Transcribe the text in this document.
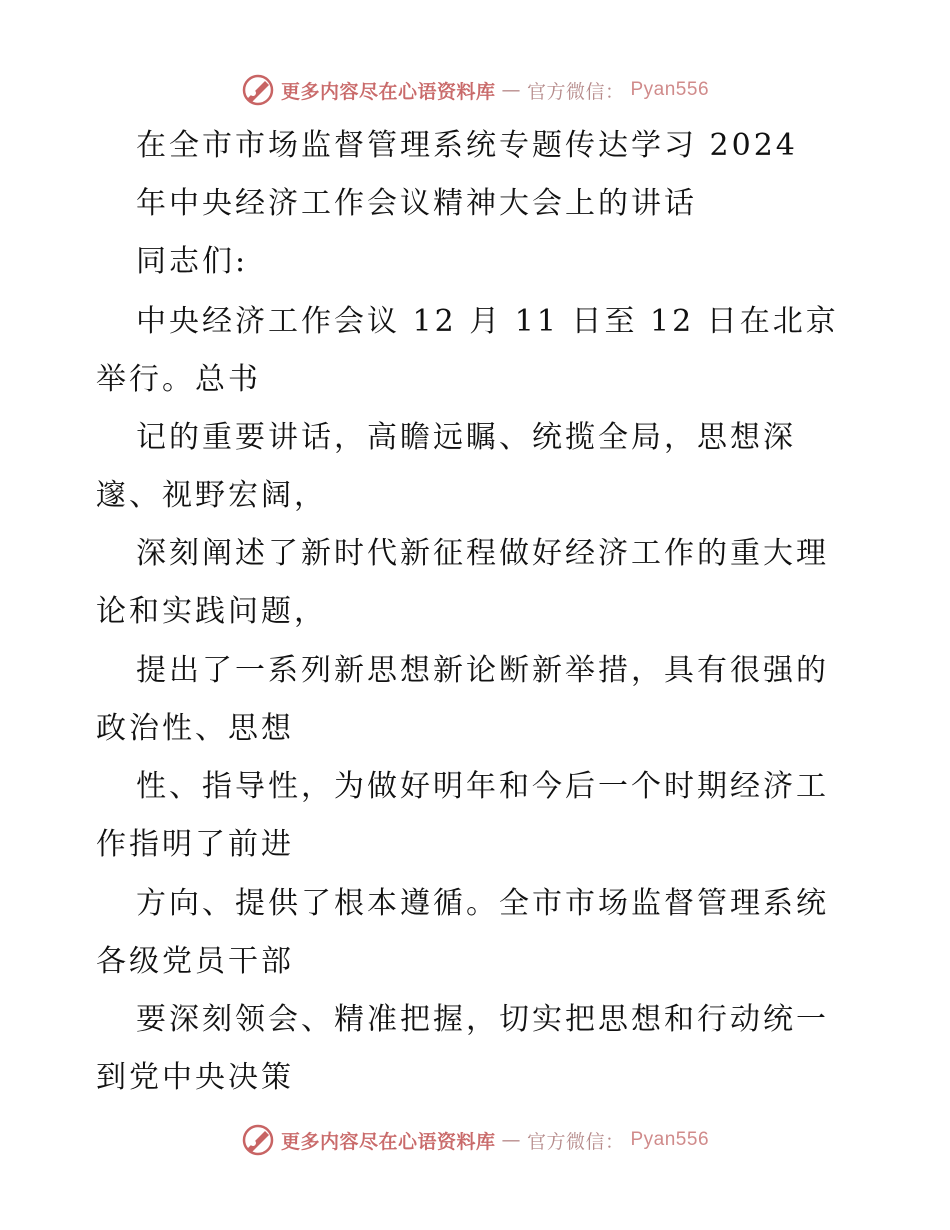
更多内容尽在心语资料库 — 官方微信： Pyan556
在全市市场监督管理系统专题传达学习 2024
年中央经济工作会议精神大会上的讲话
同志们:
中央经济工作会议 12 月 11 日至 12 日在北京
举行。总书
记的重要讲话，高瞻远瞩、统揽全局，思想深
邃、视野宏阔，
深刻阐述了新时代新征程做好经济工作的重大理
论和实践问题，
提出了一系列新思想新论断新举措，具有很强的
政治性、思想
性、指导性，为做好明年和今后一个时期经济工
作指明了前进
方向、提供了根本遵循。全市市场监督管理系统
各级党员干部
要深刻领会、精准把握，切实把思想和行动统一
到党中央决策
更多内容尽在心语资料库 — 官方微信： Pyan556
